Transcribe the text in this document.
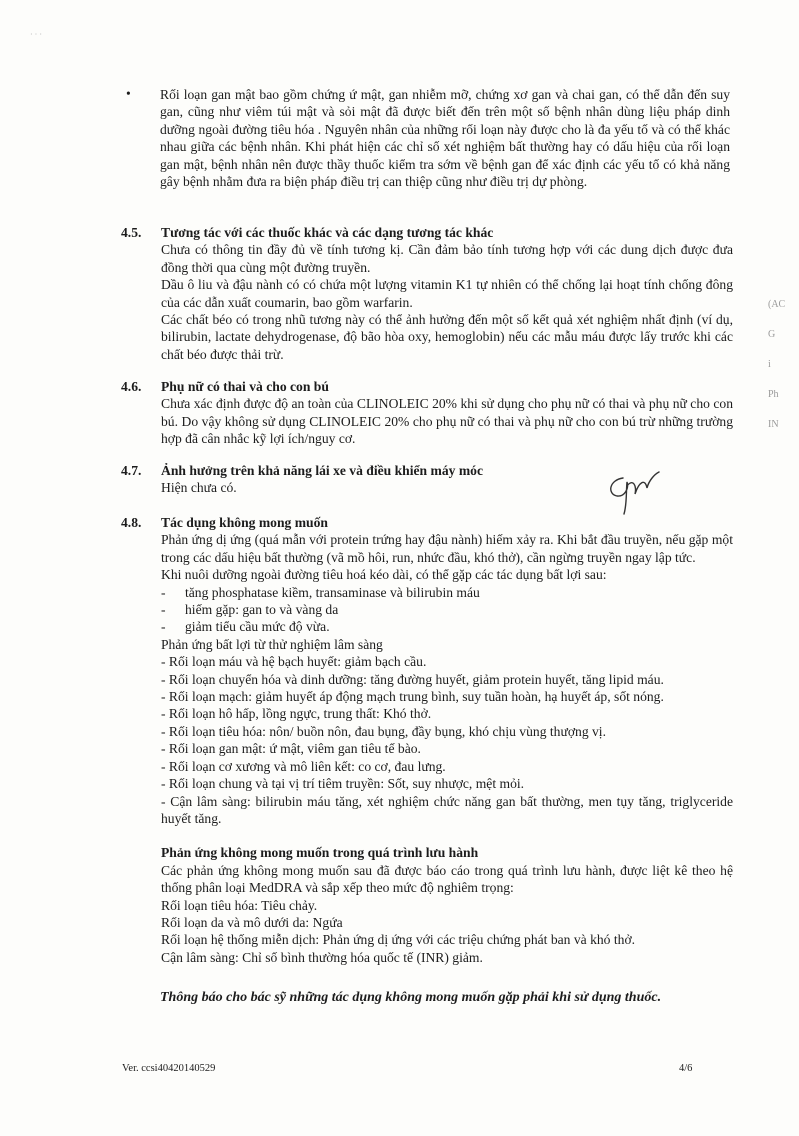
· · ·
• Rối loạn gan mật bao gồm chứng ứ mật, gan nhiễm mỡ, chứng xơ gan và chai gan, có thể dẫn đến suy gan, cũng như viêm túi mật và sỏi mật đã được biết đến trên một số bệnh nhân dùng liệu pháp dinh dưỡng ngoài đường tiêu hóa . Nguyên nhân của những rối loạn này được cho là đa yếu tố và có thể khác nhau giữa các bệnh nhân. Khi phát hiện các chỉ số xét nghiệm bất thường hay có dấu hiệu của rối loạn gan mật, bệnh nhân nên được thầy thuốc kiểm tra sớm về bệnh gan để xác định các yếu tố có khả năng gây bệnh nhằm đưa ra biện pháp điều trị can thiệp cũng như điều trị dự phòng.
4.5. Tương tác với các thuốc khác và các dạng tương tác khác
Chưa có thông tin đầy đủ về tính tương kị. Cần đảm bảo tính tương hợp với các dung dịch được đưa đồng thời qua cùng một đường truyền.
Dầu ô liu và đậu nành có có chứa một lượng vitamin K1 tự nhiên có thể chống lại hoạt tính chống đông của các dẫn xuất coumarin, bao gồm warfarin.
Các chất béo có trong nhũ tương này có thể ảnh hưởng đến một số kết quả xét nghiệm nhất định (ví dụ, bilirubin, lactate dehydrogenase, độ bão hòa oxy, hemoglobin) nếu các mẫu máu được lấy trước khi các chất béo được thải trừ.
4.6. Phụ nữ có thai và cho con bú
Chưa xác định được độ an toàn của CLINOLEIC 20% khi sử dụng cho phụ nữ có thai và phụ nữ cho con bú. Do vậy không sử dụng CLINOLEIC 20% cho phụ nữ có thai và phụ nữ cho con bú trừ những trường hợp đã cân nhắc kỹ lợi ích/nguy cơ.
4.7. Ảnh hưởng trên khả năng lái xe và điều khiển máy móc
Hiện chưa có.
4.8. Tác dụng không mong muốn
Phản ứng dị ứng (quá mẫn với protein trứng hay đậu nành) hiếm xảy ra. Khi bắt đầu truyền, nếu gặp một trong các dấu hiệu bất thường (vã mồ hôi, run, nhức đầu, khó thở), cần ngừng truyền ngay lập tức.
Khi nuôi dưỡng ngoài đường tiêu hoá kéo dài, có thể gặp các tác dụng bất lợi sau:
- tăng phosphatase kiềm, transaminase và bilirubin máu
- hiếm gặp: gan to và vàng da
- giảm tiểu cầu mức độ vừa.
Phản ứng bất lợi từ thử nghiệm lâm sàng
- Rối loạn máu và hệ bạch huyết: giảm bạch cầu.
- Rối loạn chuyển hóa và dinh dưỡng: tăng đường huyết, giảm protein huyết, tăng lipid máu.
- Rối loạn mạch: giảm huyết áp động mạch trung bình, suy tuần hoàn, hạ huyết áp, sốt nóng.
- Rối loạn hô hấp, lồng ngực, trung thất: Khó thở.
- Rối loạn tiêu hóa: nôn/ buồn nôn, đau bụng, đầy bụng, khó chịu vùng thượng vị.
- Rối loạn gan mật: ứ mật, viêm gan tiêu tế bào.
- Rối loạn cơ xương và mô liên kết: co cơ, đau lưng.
- Rối loạn chung và tại vị trí tiêm truyền: Sốt, suy nhược, mệt mỏi.
- Cận lâm sàng: bilirubin máu tăng, xét nghiệm chức năng gan bất thường, men tụy tăng, triglyceride huyết tăng.
Phản ứng không mong muốn trong quá trình lưu hành
Các phản ứng không mong muốn sau đã được báo cáo trong quá trình lưu hành, được liệt kê theo hệ thống phân loại MedDRA và sắp xếp theo mức độ nghiêm trọng:
Rối loạn tiêu hóa: Tiêu chảy.
Rối loạn da và mô dưới da: Ngứa
Rối loạn hệ thống miễn dịch: Phản ứng dị ứng với các triệu chứng phát ban và khó thở.
Cận lâm sàng: Chỉ số bình thường hóa quốc tế (INR) giảm.
Thông báo cho bác sỹ những tác dụng không mong muốn gặp phải khi sử dụng thuốc.
(AC
G
i
Ph
IN
Ver. ccsi40420140529	4/6
